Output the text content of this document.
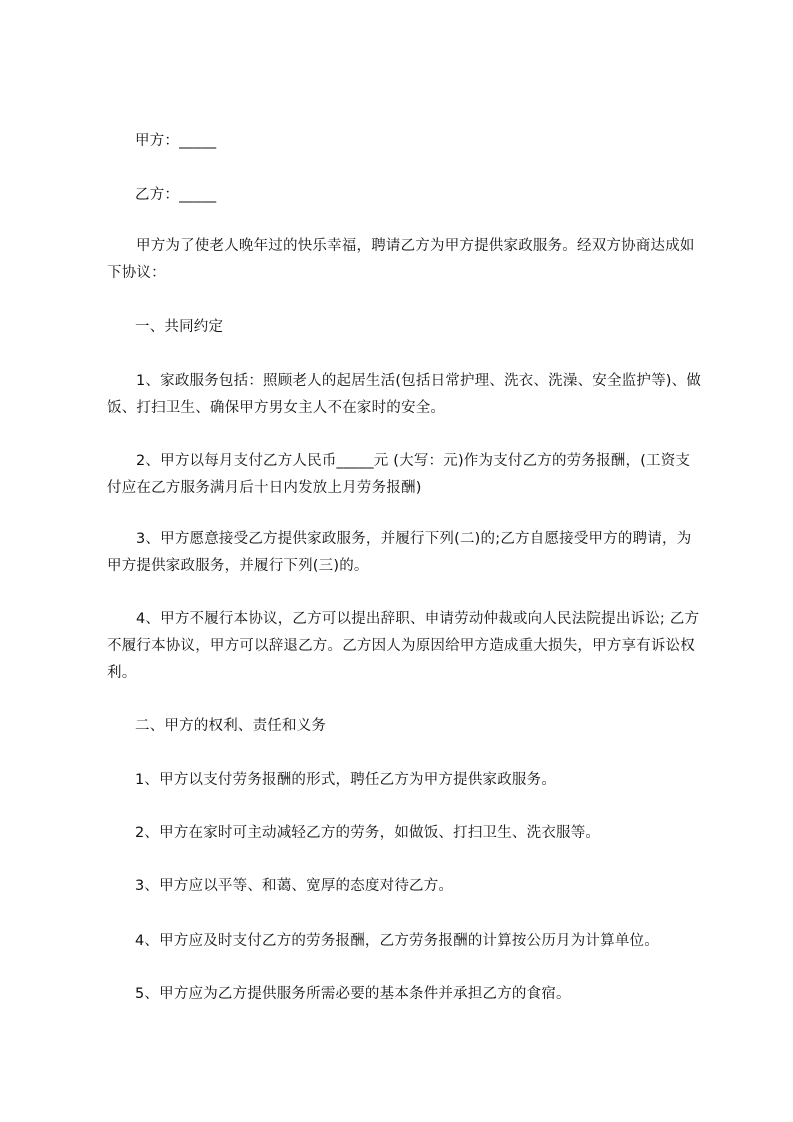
甲方：_____

乙方：_____

甲方为了使老人晚年过的快乐幸福，聘请乙方为甲方提供家政服务。经双方协商达成如下协议：

一、共同约定

1、家政服务包括：照顾老人的起居生活(包括日常护理、洗衣、洗澡、安全监护等)、做饭、打扫卫生、确保甲方男女主人不在家时的安全。

2、甲方以每月支付乙方人民币_____元 (大写：元)作为支付乙方的劳务报酬，(工资支付应在乙方服务满月后十日内发放上月劳务报酬)

3、甲方愿意接受乙方提供家政服务，并履行下列(二)的;乙方自愿接受甲方的聘请，为甲方提供家政服务，并履行下列(三)的。

4、甲方不履行本协议，乙方可以提出辞职、申请劳动仲裁或向人民法院提出诉讼; 乙方不履行本协议，甲方可以辞退乙方。乙方因人为原因给甲方造成重大损失，甲方享有诉讼权利。

二、甲方的权利、责任和义务

1、甲方以支付劳务报酬的形式，聘任乙方为甲方提供家政服务。

2、甲方在家时可主动减轻乙方的劳务，如做饭、打扫卫生、洗衣服等。

3、甲方应以平等、和蔼、宽厚的态度对待乙方。

4、甲方应及时支付乙方的劳务报酬，乙方劳务报酬的计算按公历月为计算单位。

5、甲方应为乙方提供服务所需必要的基本条件并承担乙方的食宿。
